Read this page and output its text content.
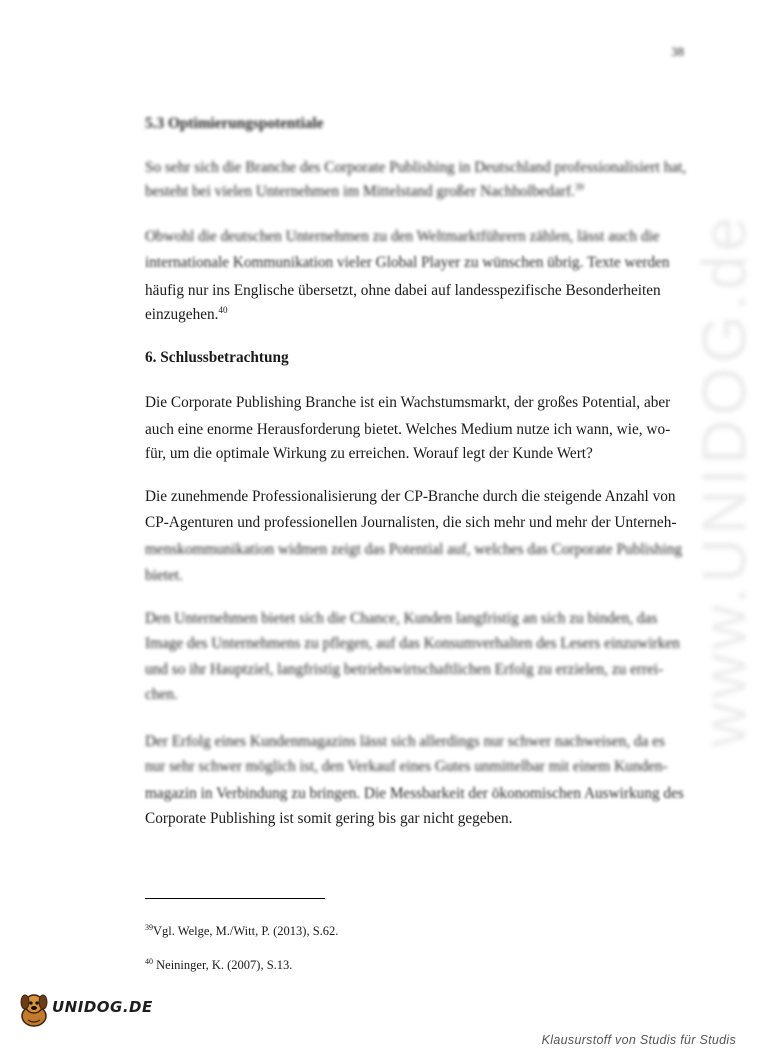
38
www.UNIDOG.de
5.3 Optimierungspotentiale
So sehr sich die Branche des Corporate Publishing in Deutschland professionalisiert hat,
besteht bei vielen Unternehmen im Mittelstand großer Nachholbedarf.$^{39}$
Obwohl die deutschen Unternehmen zu den Weltmarktführern zählen, lässt auch die
internationale Kommunikation vieler Global Player zu wünschen übrig. Texte werden
häufig nur ins Englische übersetzt, ohne dabei auf landesspezifische Besonderheiten
einzugehen.$^{40}$
6. Schlussbetrachtung
Die Corporate Publishing Branche ist ein Wachstumsmarkt, der großes Potential, aber
auch eine enorme Herausforderung bietet. Welches Medium nutze ich wann, wie, wo-
für, um die optimale Wirkung zu erreichen. Worauf legt der Kunde Wert?
Die zunehmende Professionalisierung der CP-Branche durch die steigende Anzahl von
CP-Agenturen und professionellen Journalisten, die sich mehr und mehr der Unterneh-
menskommunikation widmen zeigt das Potential auf, welches das Corporate Publishing
bietet.
Den Unternehmen bietet sich die Chance, Kunden langfristig an sich zu binden, das
Image des Unternehmens zu pflegen, auf das Konsumverhalten des Lesers einzuwirken
und so ihr Hauptziel, langfristig betriebswirtschaftlichen Erfolg zu erzielen, zu errei-
chen.
Der Erfolg eines Kundenmagazins lässt sich allerdings nur schwer nachweisen, da es
nur sehr schwer möglich ist, den Verkauf eines Gutes unmittelbar mit einem Kunden-
magazin in Verbindung zu bringen. Die Messbarkeit der ökonomischen Auswirkung des
Corporate Publishing ist somit gering bis gar nicht gegeben.
$^{39}$Vgl. Welge, M./Witt, P. (2013), S.62.
$^{40}$ Neininger, K. (2007), S.13.
UNIDOG.DE
Klausurstoff von Studis für Studis
